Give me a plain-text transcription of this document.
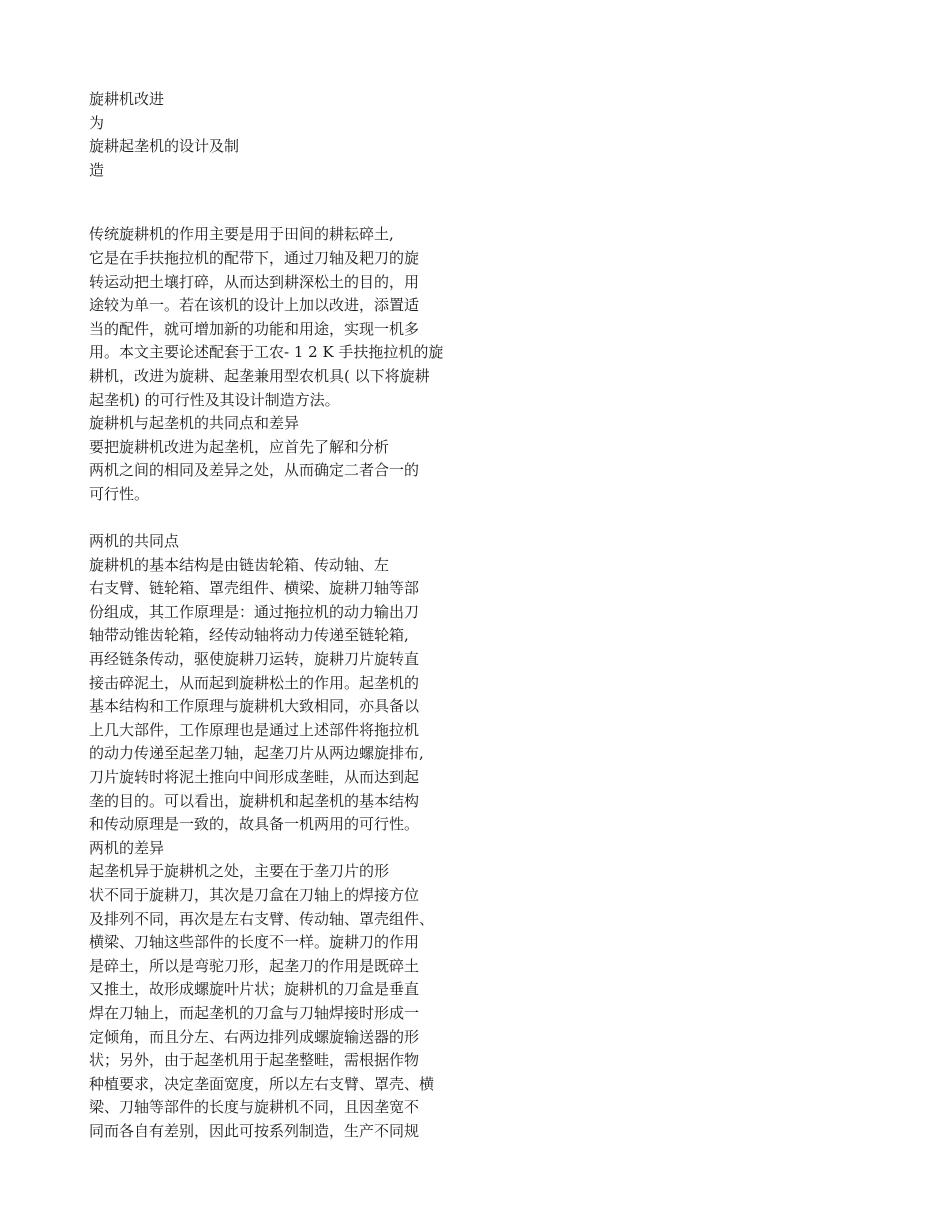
旋耕机改进
为
旋耕起垄机的设计及制
造
传统旋耕机的作用主要是用于田间的耕耘碎土,
它是在手扶拖拉机的配带下，通过刀轴及耙刀的旋
转运动把土壤打碎，从而达到耕深松土的目的，用
途较为单一。若在该机的设计上加以改进，添置适
当的配件，就可增加新的功能和用途，实现一机多
用。本文主要论述配套于工农- 1 2 K 手扶拖拉机的旋
耕机，改进为旋耕、起垄兼用型农机具( 以下将旋耕
起垄机) 的可行性及其设计制造方法。
旋耕机与起垄机的共同点和差异
要把旋耕机改进为起垄机，应首先了解和分析
两机之间的相同及差异之处，从而确定二者合一的
可行性。
两机的共同点
旋耕机的基本结构是由链齿轮箱、传动轴、左
右支臂、链轮箱、罩壳组件、横梁、旋耕刀轴等部
份组成，其工作原理是：通过拖拉机的动力输出刀
轴带动锥齿轮箱，经传动轴将动力传递至链轮箱,
再经链条传动，驱使旋耕刀运转，旋耕刀片旋转直
接击碎泥土，从而起到旋耕松土的作用。起垄机的
基本结构和工作原理与旋耕机大致相同，亦具备以
上几大部件，工作原理也是通过上述部件将拖拉机
的动力传递至起垄刀轴，起垄刀片从两边螺旋排布,
刀片旋转时将泥土推向中间形成垄畦，从而达到起
垄的目的。可以看出，旋耕机和起垄机的基本结构
和传动原理是一致的，故具备一机两用的可行性。
两机的差异
起垄机异于旋耕机之处，主要在于垄刀片的形
状不同于旋耕刀，其次是刀盒在刀轴上的焊接方位
及排列不同，再次是左右支臂、传动轴、罩壳组件、
横梁、刀轴这些部件的长度不一样。旋耕刀的作用
是碎土，所以是弯驼刀形，起垄刀的作用是既碎土
又推土，故形成螺旋叶片状；旋耕机的刀盒是垂直
焊在刀轴上，而起垄机的刀盒与刀轴焊接时形成一
定倾角，而且分左、右两边排列成螺旋输送器的形
状；另外，由于起垄机用于起垄整畦，需根据作物
种植要求，决定垄面宽度，所以左右支臂、罩壳、横
梁、刀轴等部件的长度与旋耕机不同，且因垄宽不
同而各自有差别，因此可按系列制造，生产不同规
